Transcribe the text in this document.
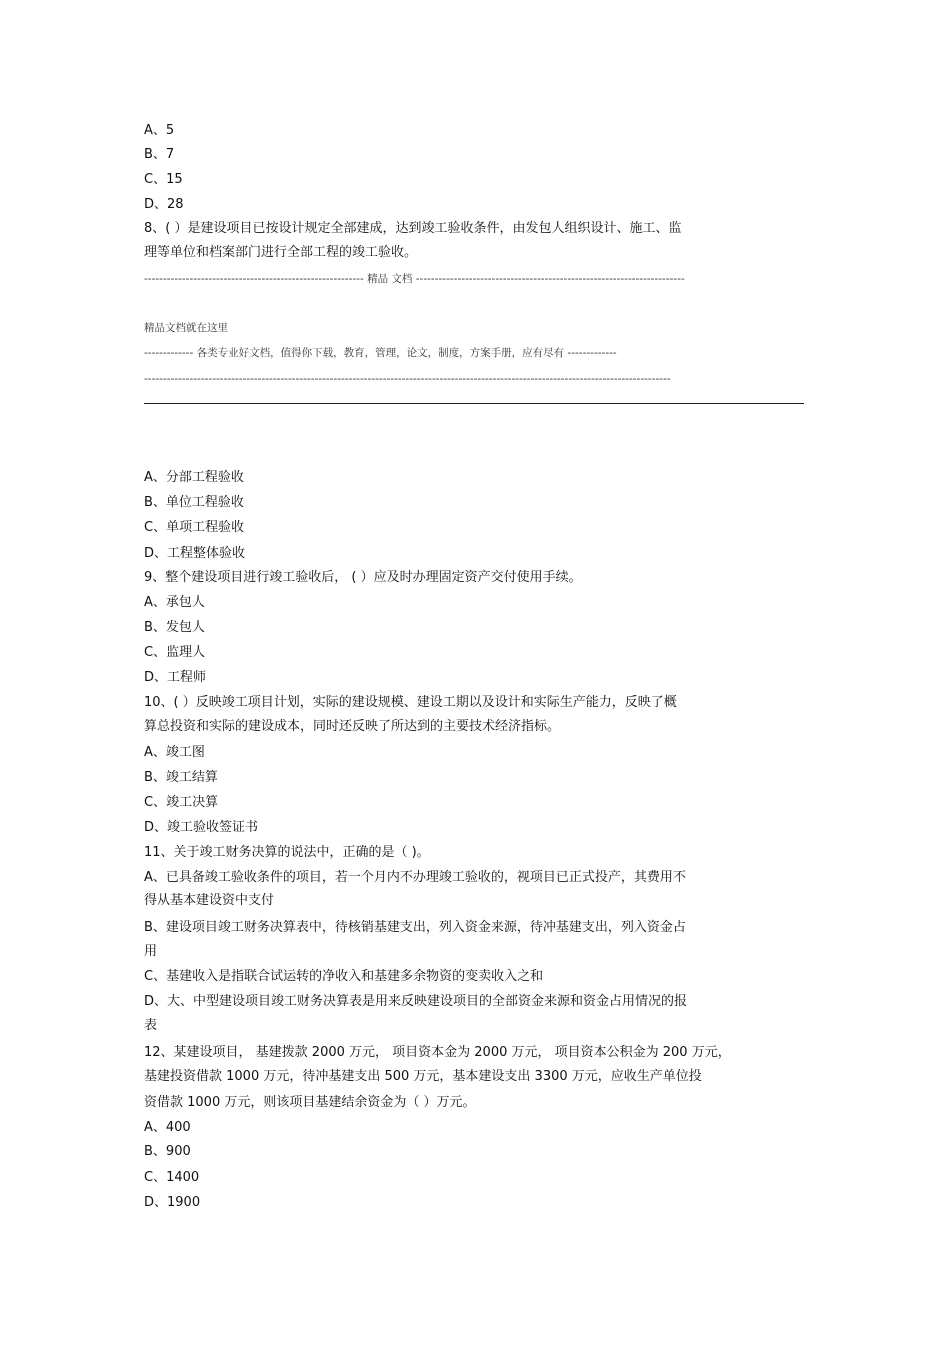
A、5
B、7
C、15
D、28
8、( ）是建设项目已按设计规定全部建成，达到竣工验收条件，由发包人组织设计、施工、监
理等单位和档案部门进行全部工程的竣工验收。
---------------------------------------------------------- 精品 文档 -----------------------------------------------------------------------
精品文档就在这里
------------- 各类专业好文档，值得你下载，教育，管理，论文，制度，方案手册，应有尽有 -------------
-------------------------------------------------------------------------------------------------------------------------------------------
A、分部工程验收
B、单位工程验收
C、单项工程验收
D、工程整体验收
9、整个建设项目进行竣工验收后， ( ）应及时办理固定资产交付使用手续。
A、承包人
B、发包人
C、监理人
D、工程师
10、( ）反映竣工项目计划，实际的建设规模、建设工期以及设计和实际生产能力，反映了概
算总投资和实际的建设成本，同时还反映了所达到的主要技术经济指标。
A、竣工图
B、竣工结算
C、竣工决算
D、竣工验收签证书
11、关于竣工财务决算的说法中，正确的是（ )。
A、已具备竣工验收条件的项目，若一个月内不办理竣工验收的，视项目已正式投产，其费用不
得从基本建设资中支付
B、建设项目竣工财务决算表中，待核销基建支出，列入资金来源，待冲基建支出，列入资金占
用
C、基建收入是指联合试运转的净收入和基建多余物资的变卖收入之和
D、大、中型建设项目竣工财务决算表是用来反映建设项目的全部资金来源和资金占用情况的报
表
12、某建设项目， 基建拨款 2000 万元， 项目资本金为 2000 万元， 项目资本公积金为 200 万元，
基建投资借款 1000 万元，待冲基建支出 500 万元，基本建设支出 3300 万元，应收生产单位投
资借款 1000 万元，则该项目基建结余资金为（ ）万元。
A、400
B、900
C、1400
D、1900
